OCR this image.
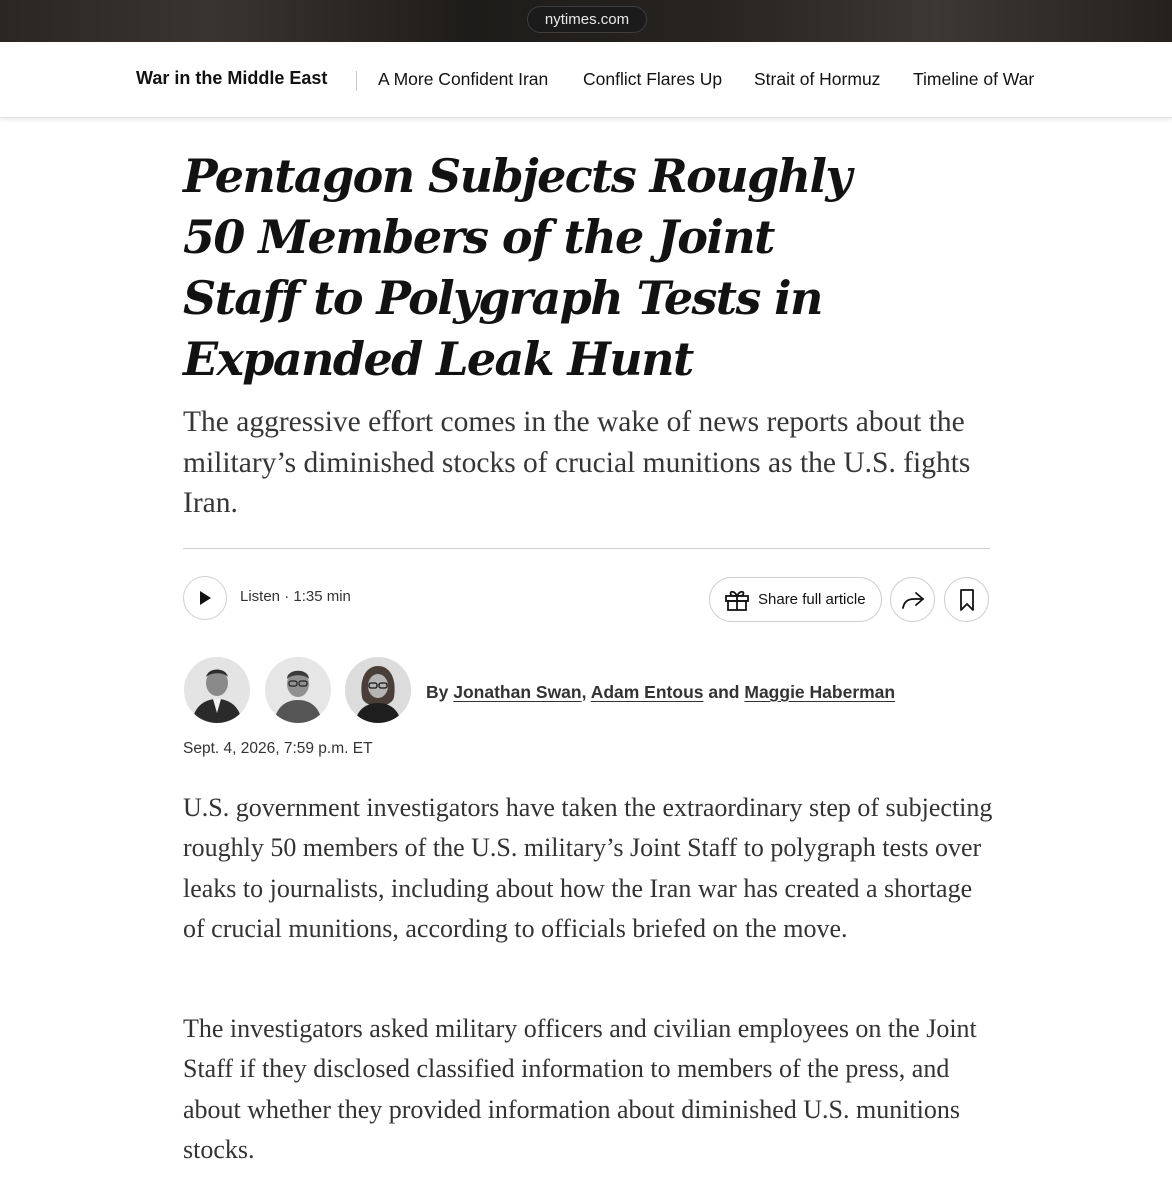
nytimes.com
War in the Middle East	A More Confident Iran Conflict Flares Up Strait of Hormuz Timeline of War
Pentagon Subjects Roughly 50 Members of the Joint Staff to Polygraph Tests in Expanded Leak Hunt

The aggressive effort comes in the wake of news reports about the military’s diminished stocks of crucial munitions as the U.S. fights Iran.

Listen · 1:35 min	Share full article
By Jonathan Swan, Adam Entous and Maggie Haberman
Sept. 4, 2026, 7:59 p.m. ET

U.S. government investigators have taken the extraordinary step of subjecting roughly 50 members of the U.S. military’s Joint Staff to polygraph tests over leaks to journalists, including about how the Iran war has created a shortage of crucial munitions, according to officials briefed on the move.

The investigators asked military officers and civilian employees on the Joint Staff if they disclosed classified information to members of the press, and about whether they provided information about diminished U.S. munitions stocks.
